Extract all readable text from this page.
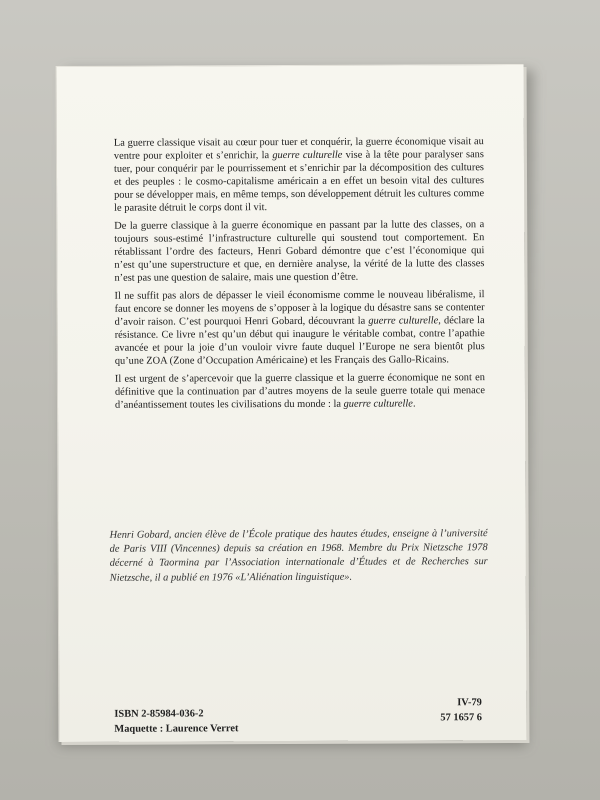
La guerre classique visait au cœur pour tuer et conquérir, la guerre économique visait au ventre pour exploiter et s’enrichir, la guerre culturelle vise à la tête pour paralyser sans tuer, pour conquérir par le pourrissement et s’enrichir par la décomposition des cultures et des peuples : le cosmo-capitalisme américain a en effet un besoin vital des cultures pour se développer mais, en même temps, son développement détruit les cultures comme le parasite détruit le corps dont il vit.

De la guerre classique à la guerre économique en passant par la lutte des classes, on a toujours sous-estimé l’infrastructure culturelle qui soustend tout comportement. En rétablissant l’ordre des facteurs, Henri Gobard démontre que c’est l’économique qui n’est qu’une superstructure et que, en dernière analyse, la vérité de la lutte des classes n’est pas une question de salaire, mais une question d’être.

Il ne suffit pas alors de dépasser le vieil économisme comme le nouveau libéralisme, il faut encore se donner les moyens de s’opposer à la logique du désastre sans se contenter d’avoir raison. C’est pourquoi Henri Gobard, découvrant la guerre culturelle, déclare la résistance. Ce livre n’est qu’un début qui inaugure le véritable combat, contre l’apathie avancée et pour la joie d’un vouloir vivre faute duquel l’Europe ne sera bientôt plus qu’une ZOA (Zone d’Occupation Américaine) et les Français des Gallo-Ricains.

Il est urgent de s’apercevoir que la guerre classique et la guerre économique ne sont en définitive que la continuation par d’autres moyens de la seule guerre totale qui menace d’anéantissement toutes les civilisations du monde : la guerre culturelle.

Henri Gobard, ancien élève de l’École pratique des hautes études, enseigne à l’université de Paris VIII (Vincennes) depuis sa création en 1968. Membre du Prix Nietzsche 1978 décerné à Taormina par l’Association internationale d’Études et de Recherches sur Nietzsche, il a publié en 1976 «L’Aliénation linguistique».
ISBN 2-85984-036-2
Maquette : Laurence Verret
IV-79
57 1657 6
